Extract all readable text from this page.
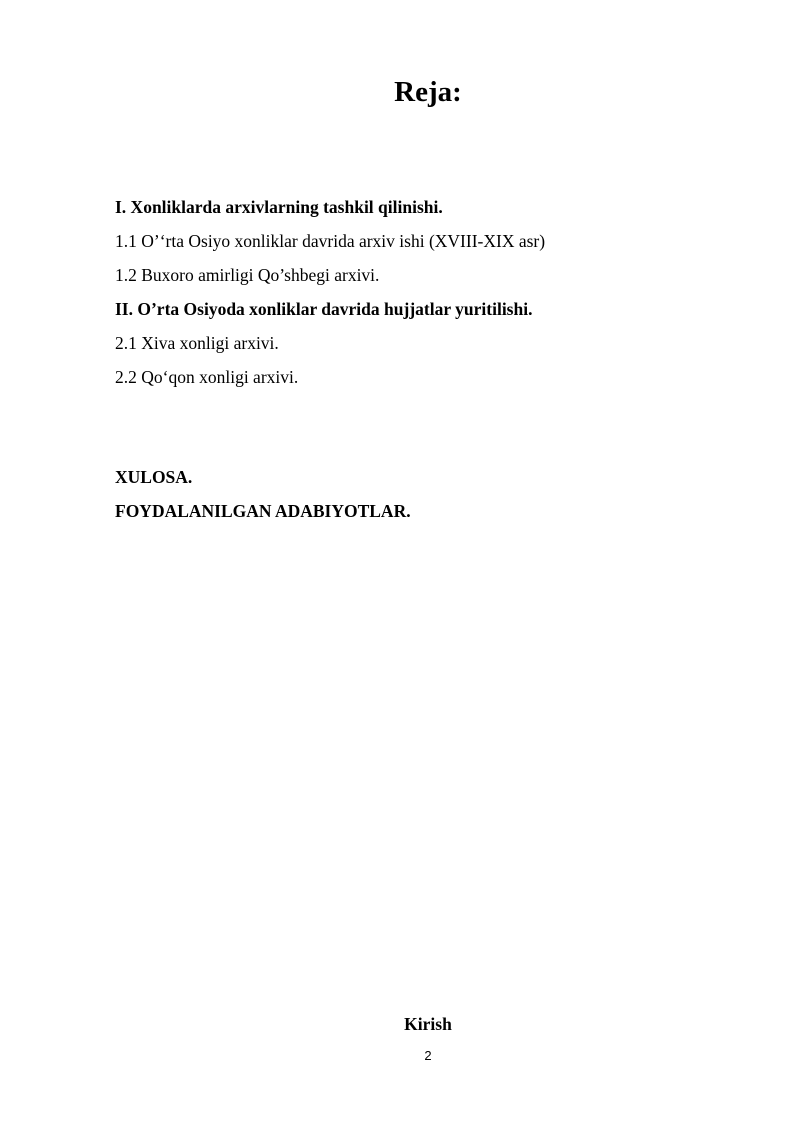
Reja:
I. Xonliklarda arxivlarning tashkil qilinishi.
1.1 O’‘rta Osiyo xonliklar davrida arxiv ishi (XVIII-XIX asr)
1.2 Buxoro amirligi Qo’shbegi arxivi.
II. O’rta Osiyoda xonliklar davrida hujjatlar yuritilishi.
2.1 Xiva xonligi arxivi.
2.2 Qo‘qon xonligi arxivi.
XULOSA.
FOYDALANILGAN ADABIYOTLAR.
Kirish
2
